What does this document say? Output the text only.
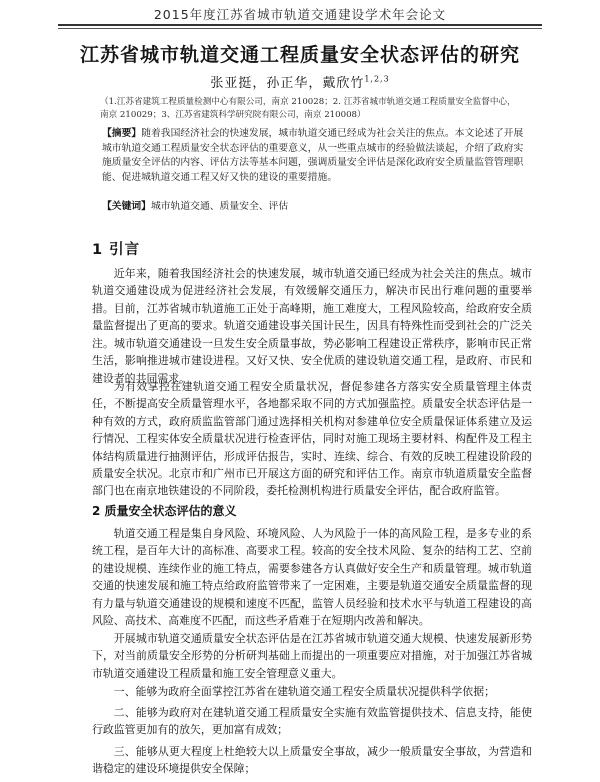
2015年度江苏省城市轨道交通建设学术年会论文
江苏省城市轨道交通工程质量安全状态评估的研究
张亚挺，孙正华，戴欣竹$^{1,2,3}$
（1.江苏省建筑工程质量检测中心有限公司，南京 210028；2. 江苏省城市轨道交通工程质量安全监督中心，南京 210029；3、江苏省建筑科学研究院有限公司，南京 210008）
【摘要】随着我国经济社会的快速发展，城市轨道交通已经成为社会关注的焦点。本文论述了开展城市轨道交通工程质量安全状态评估的重要意义，从一些重点城市的经验做法谈起，介绍了政府实施质量安全评估的内容、评估方法等基本问题，强调质量安全评估是深化政府安全质量监管管理职能、促进城轨道交通工程又好又快的建设的重要措施。
【关键词】城市轨道交通、质量安全、评估
1 引言
近年来，随着我国经济社会的快速发展，城市轨道交通已经成为社会关注的焦点。城市轨道交通建设成为促进经济社会发展，有效缓解交通压力，解决市民出行难问题的重要举措。 目前，江苏省城市轨道施工正处于高峰期，施工难度大，工程风险较高，给政府安全质量监督提出了更高的要求。轨道交通建设事关国计民生，因具有特殊性而受到社会的广泛关注。城市轨道交通建设一旦发生安全质量事故，势必影响工程建设正常秩序，影响市民正常生活，影响推进城市建设进程。又好又快、安全优质的建设轨道交通工程，是政府、市民和建设者的共同需求。
为有效掌控在建轨道交通工程安全质量状况，督促参建各方落实安全质量管理主体责任，不断提高安全质量管理水平，各地都采取不同的方式加强监控。质量安全状态评估是一种有效的方式，政府质监监管部门通过选择相关机构对参建单位安全质量保证体系建立及运行情况、工程实体安全质量状况进行检查评估，同时对施工现场主要材料、构配件及工程主体结构质量进行抽测评估，形成评估报告，实时、连续、综合、有效的反映工程建设阶段的质量安全状况。北京市和广州市已开展这方面的研究和评估工作。南京市轨道质量安全监督部门也在南京地铁建设的不同阶段，委托检测机构进行质量安全评估，配合政府监管。
2 质量安全状态评估的意义
轨道交通工程是集自身风险、环境风险、人为风险于一体的高风险工程，是多专业的系统工程，是百年大计的高标准、高要求工程。较高的安全技术风险、复杂的结构工艺、空前的建设规模、连续作业的施工特点，需要参建各方认真做好安全生产和质量管理。城市轨道交通的快速发展和施工特点给政府监管带来了一定困难，主要是轨道交通安全质量监督的现有力量与轨道交通建设的规模和速度不匹配，监管人员经验和技术水平与轨道工程建设的高风险、高技术、高难度不匹配，而这些矛盾难于在短期内改善和解决。
开展城市轨道交通质量安全状态评估是在江苏省城市轨道交通大规模、快速发展新形势下，对当前质量安全形势的分析研判基础上而提出的一项重要应对措施，对于加强江苏省城市轨道交通建设工程质量和施工安全管理意义重大。
一、能够为政府全面掌控江苏省在建轨道交通工程安全质量状况提供科学依据；
二、能够为政府对在建轨道交通工程质量安全实施有效监管提供技术、信息支持，能使行政监管更加有的放矢，更加富有成效；
三、能够从更大程度上杜绝较大以上质量安全事故，减少一般质量安全事故，为营造和谐稳定的建设环境提供安全保障；
